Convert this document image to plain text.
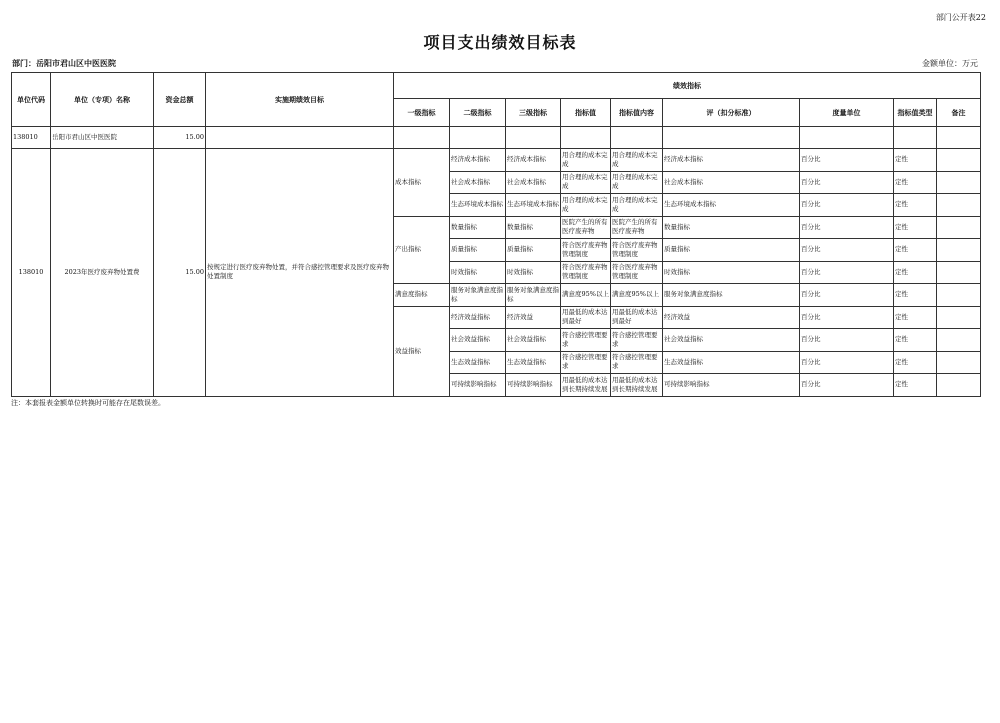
部门公开表22
项目支出绩效目标表
部门：岳阳市君山区中医医院	金额单位：万元
单位代码	单位（专项）名称	资金总额	实施期绩效目标	绩效指标								
				一级指标	二级指标	三级指标	指标值	指标值内容	评（扣分标准）	度量单位	指标值类型	备注
138010	岳阳市君山区中医医院	15.00										
138010	2023年医疗废弃物处置费	15.00	按规定进行医疗废弃物处置，并符合感控管理要求及医疗废弃物处置制度	成本指标	经济成本指标	经济成本指标	用合理的成本完成	用合理的成本完成	经济成本指标	百分比	定性	
					社会成本指标	社会成本指标	用合理的成本完成	用合理的成本完成	社会成本指标	百分比	定性	
					生态环境成本指标	生态环境成本指标	用合理的成本完成	用合理的成本完成	生态环境成本指标	百分比	定性	
				产出指标	数量指标	数量指标	医院产生的所有医疗废弃物	医院产生的所有医疗废弃物	数量指标	百分比	定性	
					质量指标	质量指标	符合医疗废弃物管理制度	符合医疗废弃物管理制度	质量指标	百分比	定性	
					时效指标	时效指标	符合医疗废弃物管理制度	符合医疗废弃物管理制度	时效指标	百分比	定性	
				满意度指标	服务对象满意度指标	服务对象满意度指标	满意度95%以上	满意度95%以上	服务对象满意度指标	百分比	定性	
				效益指标	经济效益指标	经济效益	用最低的成本达到最好	用最低的成本达到最好	经济效益	百分比	定性	
					社会效益指标	社会效益指标	符合感控管理要求	符合感控管理要求	社会效益指标	百分比	定性	
					生态效益指标	生态效益指标	符合感控管理要求	符合感控管理要求	生态效益指标	百分比	定性	
					可持续影响指标	可持续影响指标	用最低的成本达到长期持续发展	用最低的成本达到长期持续发展	可持续影响指标	百分比	定性	
注：本套报表金额单位转换时可能存在尾数误差。
